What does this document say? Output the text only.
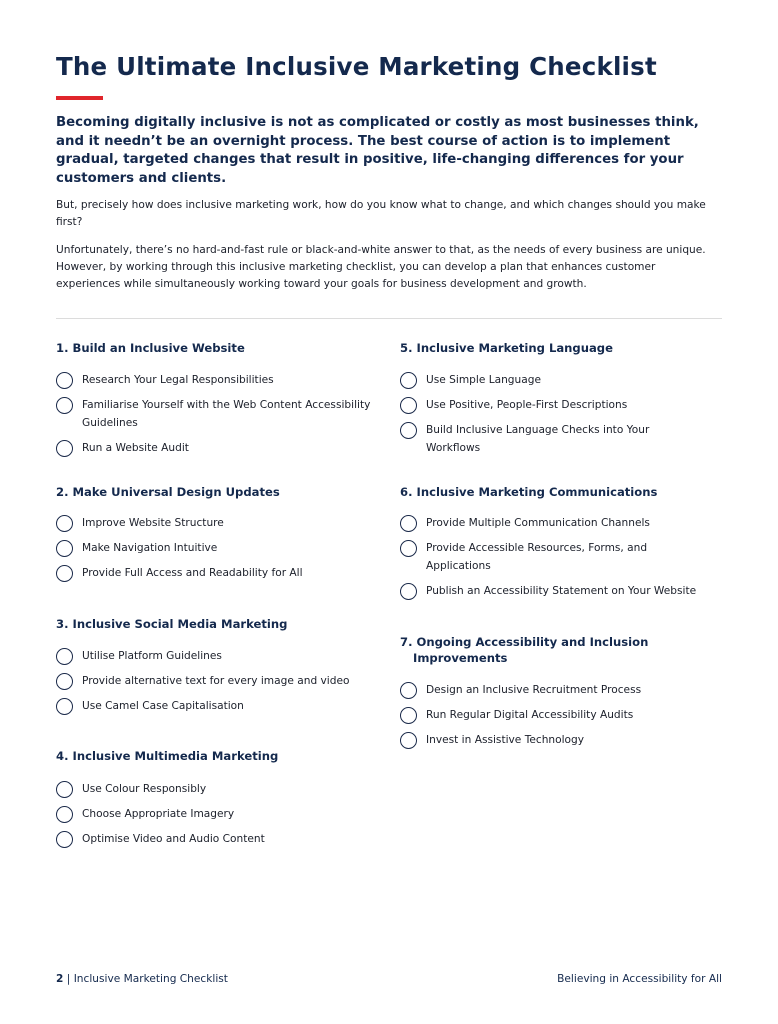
The Ultimate Inclusive Marketing Checklist

Becoming digitally inclusive is not as complicated or costly as most businesses think, and it needn’t be an overnight process. The best course of action is to implement gradual, targeted changes that result in positive, life-changing differences for your customers and clients.

But, precisely how does inclusive marketing work, how do you know what to change, and which changes should you make first?

Unfortunately, there’s no hard-and-fast rule or black-and-white answer to that, as the needs of every business are unique. However, by working through this inclusive marketing checklist, you can develop a plan that enhances customer experiences while simultaneously working toward your goals for business development and growth.

1. Build an Inclusive Website
Research Your Legal Responsibilities
Familiarise Yourself with the Web Content Accessibility Guidelines
Run a Website Audit
2. Make Universal Design Updates
Improve Website Structure
Make Navigation Intuitive
Provide Full Access and Readability for All
3. Inclusive Social Media Marketing
Utilise Platform Guidelines
Provide alternative text for every image and video
Use Camel Case Capitalisation
4. Inclusive Multimedia Marketing
Use Colour Responsibly
Choose Appropriate Imagery
Optimise Video and Audio Content
5. Inclusive Marketing Language
Use Simple Language
Use Positive, People-First Descriptions
Build Inclusive Language Checks into Your Workflows
6. Inclusive Marketing Communications
Provide Multiple Communication Channels
Provide Accessible Resources, Forms, and Applications
Publish an Accessibility Statement on Your Website
7. Ongoing Accessibility and Inclusion Improvements
Design an Inclusive Recruitment Process
Run Regular Digital Accessibility Audits
Invest in Assistive Technology
2 | Inclusive Marketing Checklist	Believing in Accessibility for All
